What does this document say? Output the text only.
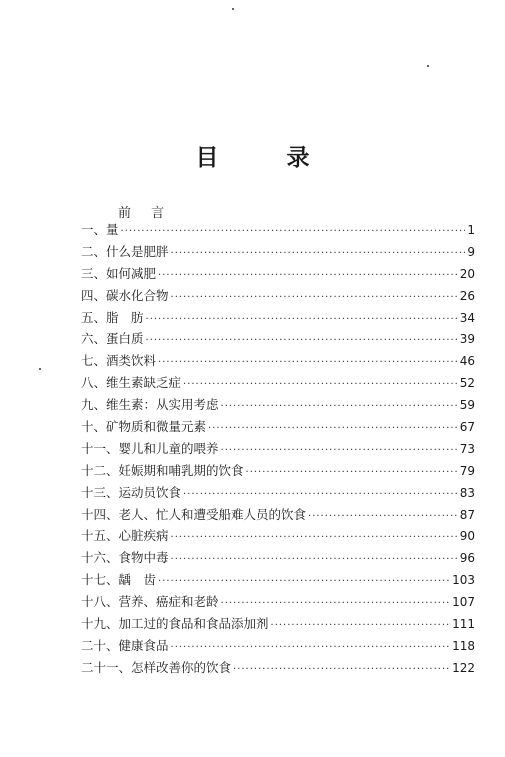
目 录
前 言
一、量 ·····	1
二、什么是肥胖 ·····	9
三、如何减肥 ·····	20
四、碳水化合物 ·····	26
五、脂　肪 ·····	34
六、蛋白质 ·····	39
七、酒类饮料 ·····	46
八、维生素缺乏症 ·····	52
九、维生素：从实用考虑 ·····	59
十、矿物质和微量元素 ·····	67
十一、婴儿和儿童的喂养 ·····	73
十二、妊娠期和哺乳期的饮食 ·····	79
十三、运动员饮食 ·····	83
十四、老人、忙人和遭受船难人员的饮食 ·····	87
十五、心脏疾病 ·····	90
十六、食物中毒 ·····	96
十七、龋　齿 ·····	103
十八、营养、癌症和老龄 ·····	107
十九、加工过的食品和食品添加剂 ·····	111
二十、健康食品 ·····	118
二十一、怎样改善你的饮食 ·····	122
